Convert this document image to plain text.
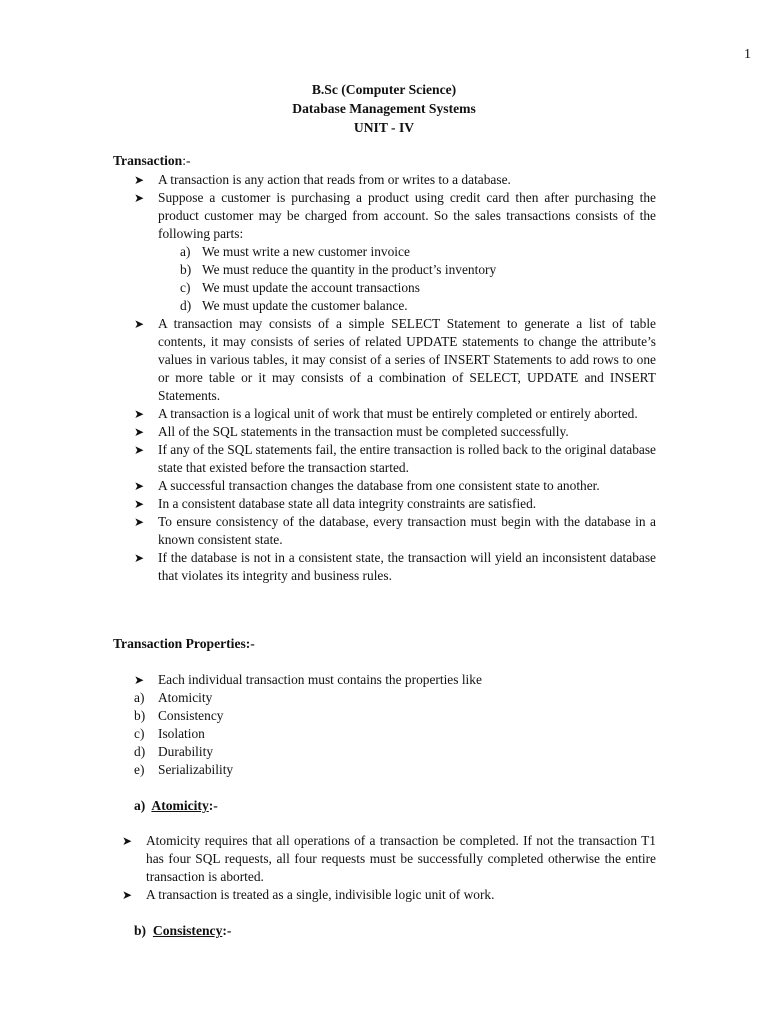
1
B.Sc (Computer Science)
Database Management Systems
UNIT - IV
Transaction:-
➤ A transaction is any action that reads from or writes to a database.
➤ Suppose a customer is purchasing a product using credit card then after purchasing the product customer may be charged from account. So the sales transactions consists of the following parts:
a) We must write a new customer invoice
b) We must reduce the quantity in the product’s inventory
c) We must update the account transactions
d) We must update the customer balance.
➤ A transaction may consists of a simple SELECT Statement to generate a list of table contents, it may consists of series of related UPDATE statements to change the attribute’s values in various tables, it may consist of a series of INSERT Statements to add rows to one or more table or it may consists of a combination of SELECT, UPDATE and INSERT Statements.
➤ A transaction is a logical unit of work that must be entirely completed or entirely aborted.
➤ All of the SQL statements in the transaction must be completed successfully.
➤ If any of the SQL statements fail, the entire transaction is rolled back to the original database state that existed before the transaction started.
➤ A successful transaction changes the database from one consistent state to another.
➤ In a consistent database state all data integrity constraints are satisfied.
➤ To ensure consistency of the database, every transaction must begin with the database in a known consistent state.
➤ If the database is not in a consistent state, the transaction will yield an inconsistent database that violates its integrity and business rules.
Transaction Properties:-
➤ Each individual transaction must contains the properties like
a) Atomicity
b) Consistency
c) Isolation
d) Durability
e) Serializability
a) Atomicity:-
➤ Atomicity requires that all operations of a transaction be completed. If not the transaction T1 has four SQL requests, all four requests must be successfully completed otherwise the entire transaction is aborted.
➤ A transaction is treated as a single, indivisible logic unit of work.
b) Consistency:-
